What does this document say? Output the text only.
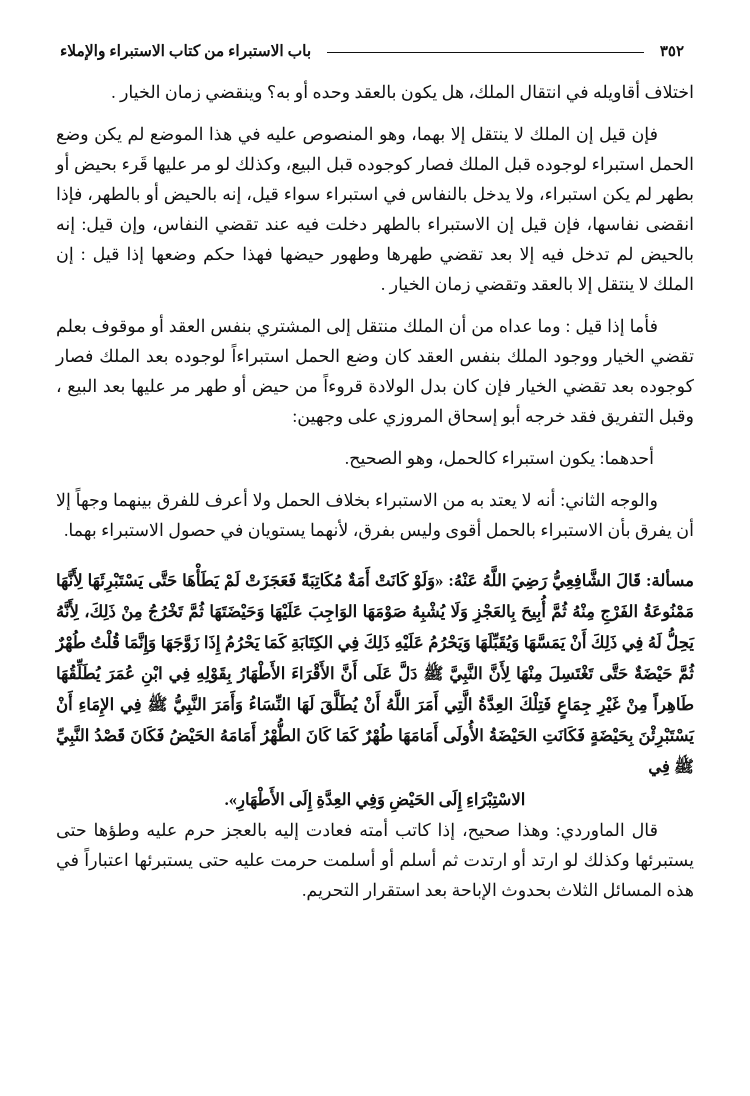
باب الاستبراء من كتاب الاستبراء والإملاء	٣٥٢

اختلاف أقاويله في انتقال الملك، هل يكون بالعقد وحده أو به؟ وينقضي زمان الخيار .

فإن قيل إن الملك لا ينتقل إلا بهما، وهو المنصوص عليه في هذا الموضع لم يكن وضع الحمل استبراء لوجوده قبل الملك فصار كوجوده قبل البيع، وكذلك لو مر عليها قَرء بحيض أو بطهر لم يكن استبراء، ولا يدخل بالنفاس في استبراء سواء قيل، إنه بالحيض أو بالطهر، فإذا انقضى نفاسها، فإن قيل إن الاستبراء بالطهر دخلت فيه عند تقضي النفاس، وإن قيل: إنه بالحيض لم تدخل فيه إلا بعد تقضي طهرها وطهور حيضها فهذا حكم وضعها إذا قيل : إن الملك لا ينتقل إلا بالعقد وتقضي زمان الخيار .

فأما إذا قيل : وما عداه من أن الملك منتقل إلى المشتري بنفس العقد أو موقوف بعلم تقضي الخيار ووجود الملك بنفس العقد كان وضع الحمل استبراءاً لوجوده بعد الملك فصار كوجوده بعد تقضي الخيار فإن كان بدل الولادة قروءاً من حيض أو طهر مر عليها بعد البيع ، وقبل التفريق فقد خرجه أبو إسحاق المروزي على وجهين:

أحدهما: يكون استبراء كالحمل، وهو الصحيح.

والوجه الثاني: أنه لا يعتد به من الاستبراء بخلاف الحمل ولا أعرف للفرق بينهما وجهاً إلا أن يفرق بأن الاستبراء بالحمل أقوى وليس بفرق، لأنهما يستويان في حصول الاستبراء بهما.

مسألة: قَالَ الشَّافِعِيُّ رَضِيَ اللَّهُ عَنْهُ: «وَلَوْ كَانَتْ أَمَةٌ مُكَاتِبَةً فَعَجَزَتْ لَمْ يَطَأْهَا حَتَّى يَسْتَبْرِئَهَا لِأَنَّهَا مَمْنُوعَةُ الفَرْجِ مِنْهُ ثُمَّ أُبِيحَ بِالعَجْزِ وَلَا يُشْبِهُ صَوْمَهَا الوَاجِبَ عَلَيْهَا وَحَيْضَتَهَا ثُمَّ تَخْرُجُ مِنْ ذَلِكَ، لِأَنَّهُ يَحِلُّ لَهُ فِي ذَلِكَ أَنْ يَمَسَّهَا وَيُقَبِّلَهَا وَيَحْرُمُ عَلَيْهِ ذَلِكَ فِي الكِتَابَةِ كَمَا يَحْرُمُ إِذَا زَوَّجَهَا وَإِنَّمَا قُلْتُ طُهْرٌ ثُمَّ حَيْضَةٌ حَتَّى تَغْتَسِلَ مِنْهَا لِأَنَّ النَّبِيَّ ﷺ دَلَّ عَلَى أَنَّ الأَقْرَاءَ الأَطْهَارُ بِقَوْلِهِ فِي ابْنِ عُمَرَ يُطَلِّقُهَا طَاهِراً مِنْ غَيْرِ جِمَاعٍ فَتِلْكَ العِدَّةُ الَّتِي أَمَرَ اللَّهُ أَنْ يُطَلَّقَ لَهَا النِّسَاءُ وَأَمَرَ النَّبِيُّ ﷺ فِي الإِمَاءِ أَنْ يَسْتَبْرِئْنَ بِحَيْضَةٍ فَكَانَتِ الحَيْضَةُ الأُولَى أَمَامَهَا طُهْرٌ كَمَا كَانَ الطُّهْرُ أَمَامَهُ الحَيْضُ فَكَانَ قَصْدُ النَّبِيِّ ﷺ فِي
الاسْتِبْرَاءِ إِلَى الحَيْضِ وَفِي العِدَّةِ إِلَى الأَطْهَارِ».

قال الماوردي: وهذا صحيح، إذا كاتب أمته فعادت إليه بالعجز حرم عليه وطؤها حتى يستبرئها وكذلك لو ارتد أو ارتدت ثم أسلم أو أسلمت حرمت عليه حتى يستبرئها اعتباراً في هذه المسائل الثلاث بحدوث الإباحة بعد استقرار التحريم.
